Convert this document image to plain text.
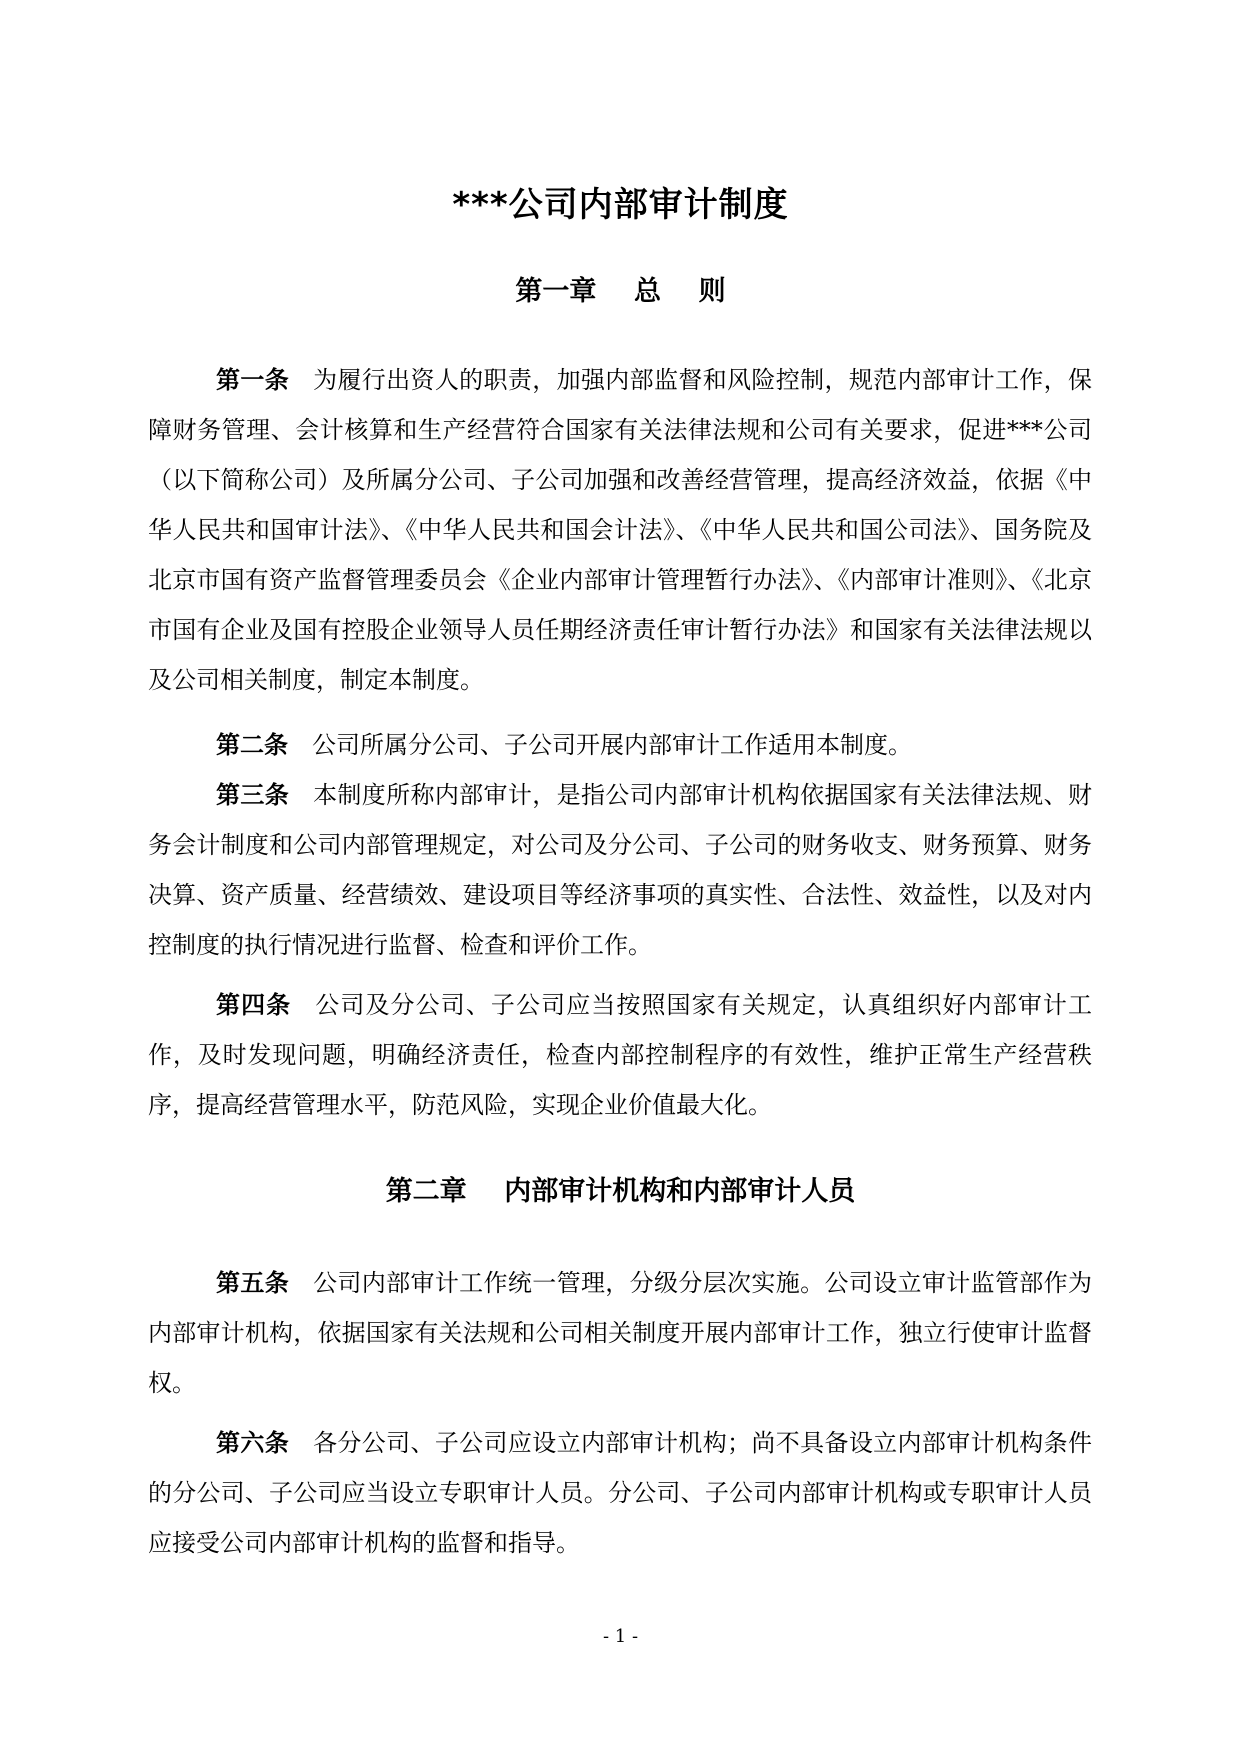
***公司内部审计制度
第一章    总    则

第一条 为履行出资人的职责，加强内部监督和风险控制，规范内部审计工作，保障财务管理、会计核算和生产经营符合国家有关法律法规和公司有关要求，促进***公司（以下简称公司）及所属分公司、子公司加强和改善经营管理，提高经济效益，依据《中华人民共和国审计法》、《中华人民共和国会计法》、《中华人民共和国公司法》、国务院及北京市国有资产监督管理委员会《企业内部审计管理暂行办法》、《内部审计准则》、《北京市国有企业及国有控股企业领导人员任期经济责任审计暂行办法》和国家有关法律法规以及公司相关制度，制定本制度。

第二条 公司所属分公司、子公司开展内部审计工作适用本制度。

第三条 本制度所称内部审计，是指公司内部审计机构依据国家有关法律法规、财务会计制度和公司内部管理规定，对公司及分公司、子公司的财务收支、财务预算、财务决算、资产质量、经营绩效、建设项目等经济事项的真实性、合法性、效益性，以及对内控制度的执行情况进行监督、检查和评价工作。

第四条 公司及分公司、子公司应当按照国家有关规定，认真组织好内部审计工作，及时发现问题，明确经济责任，检查内部控制程序的有效性，维护正常生产经营秩序，提高经营管理水平，防范风险，实现企业价值最大化。

第二章    内部审计机构和内部审计人员

第五条 公司内部审计工作统一管理，分级分层次实施。公司设立审计监管部作为内部审计机构，依据国家有关法规和公司相关制度开展内部审计工作，独立行使审计监督权。

第六条 各分公司、子公司应设立内部审计机构；尚不具备设立内部审计机构条件的分公司、子公司应当设立专职审计人员。分公司、子公司内部审计机构或专职审计人员应接受公司内部审计机构的监督和指导。

- 1 -
